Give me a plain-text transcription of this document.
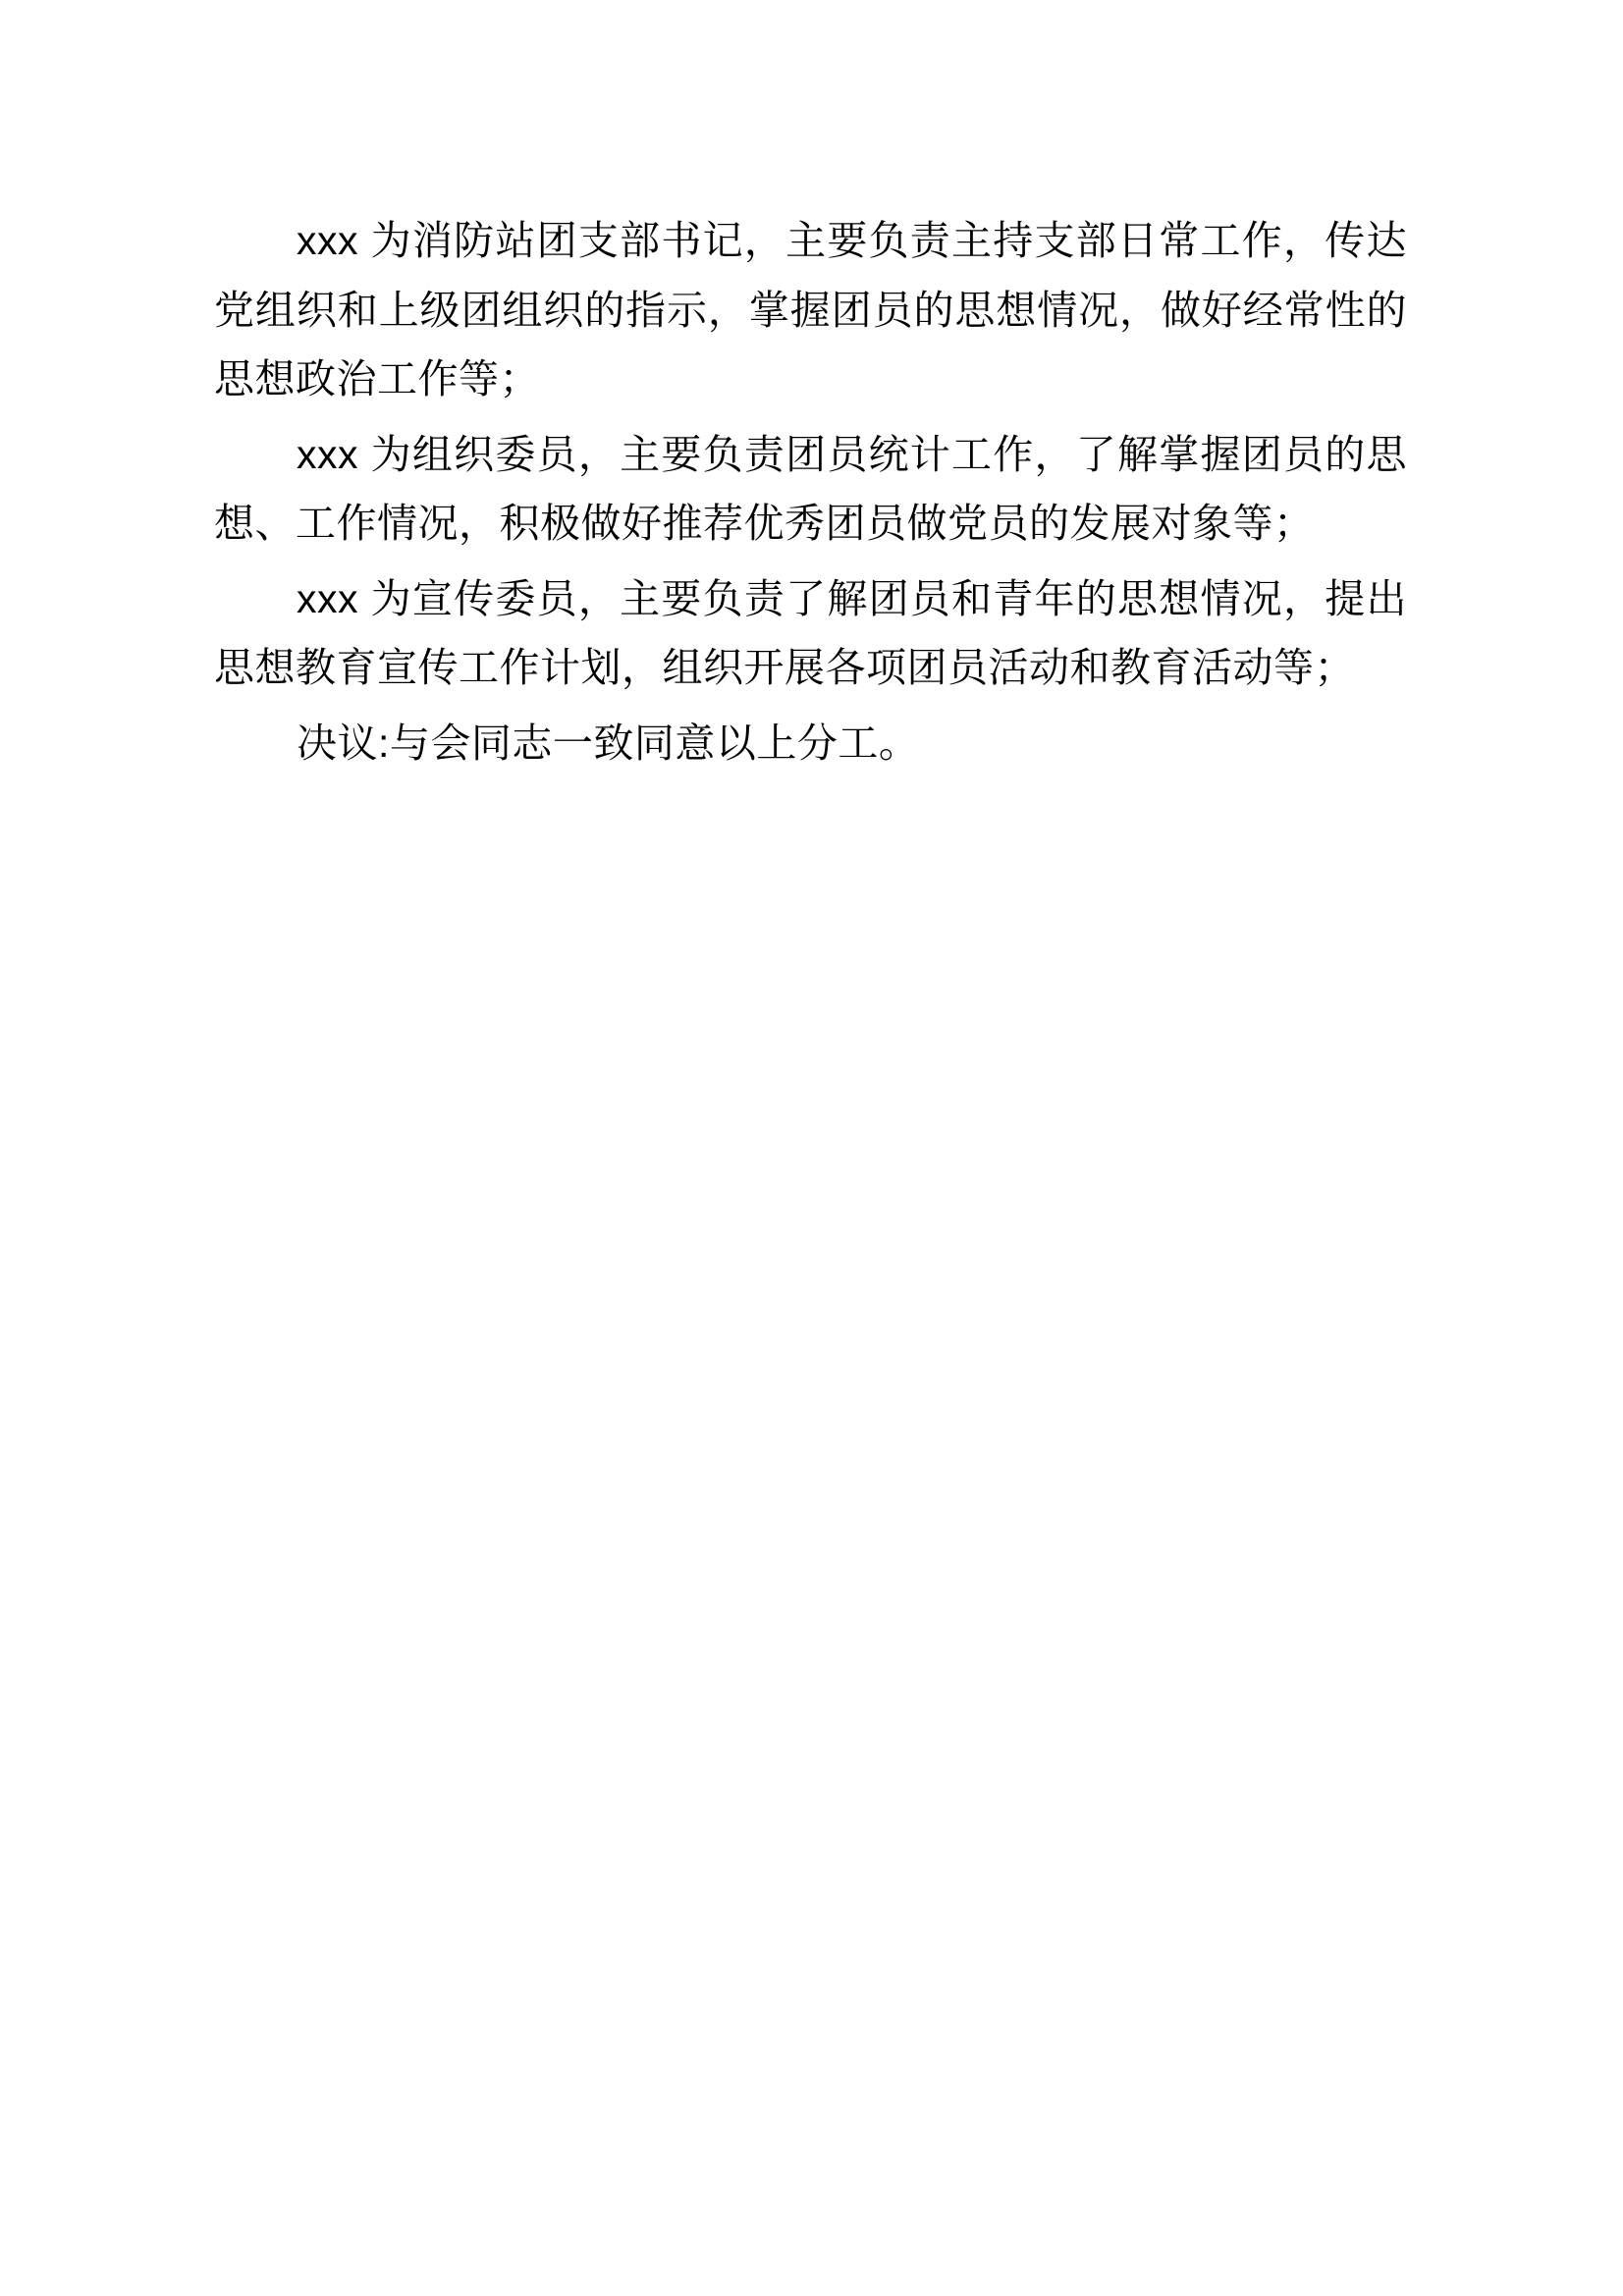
xxx 为消防站团支部书记，主要负责主持支部日常工作，传达党组织和上级团组织的指示，掌握团员的思想情况，做好经常性的思想政治工作等；

xxx 为组织委员，主要负责团员统计工作，了解掌握团员的思想、工作情况，积极做好推荐优秀团员做党员的发展对象等；

xxx 为宣传委员，主要负责了解团员和青年的思想情况，提出思想教育宣传工作计划，组织开展各项团员活动和教育活动等；

决议:与会同志一致同意以上分工。
